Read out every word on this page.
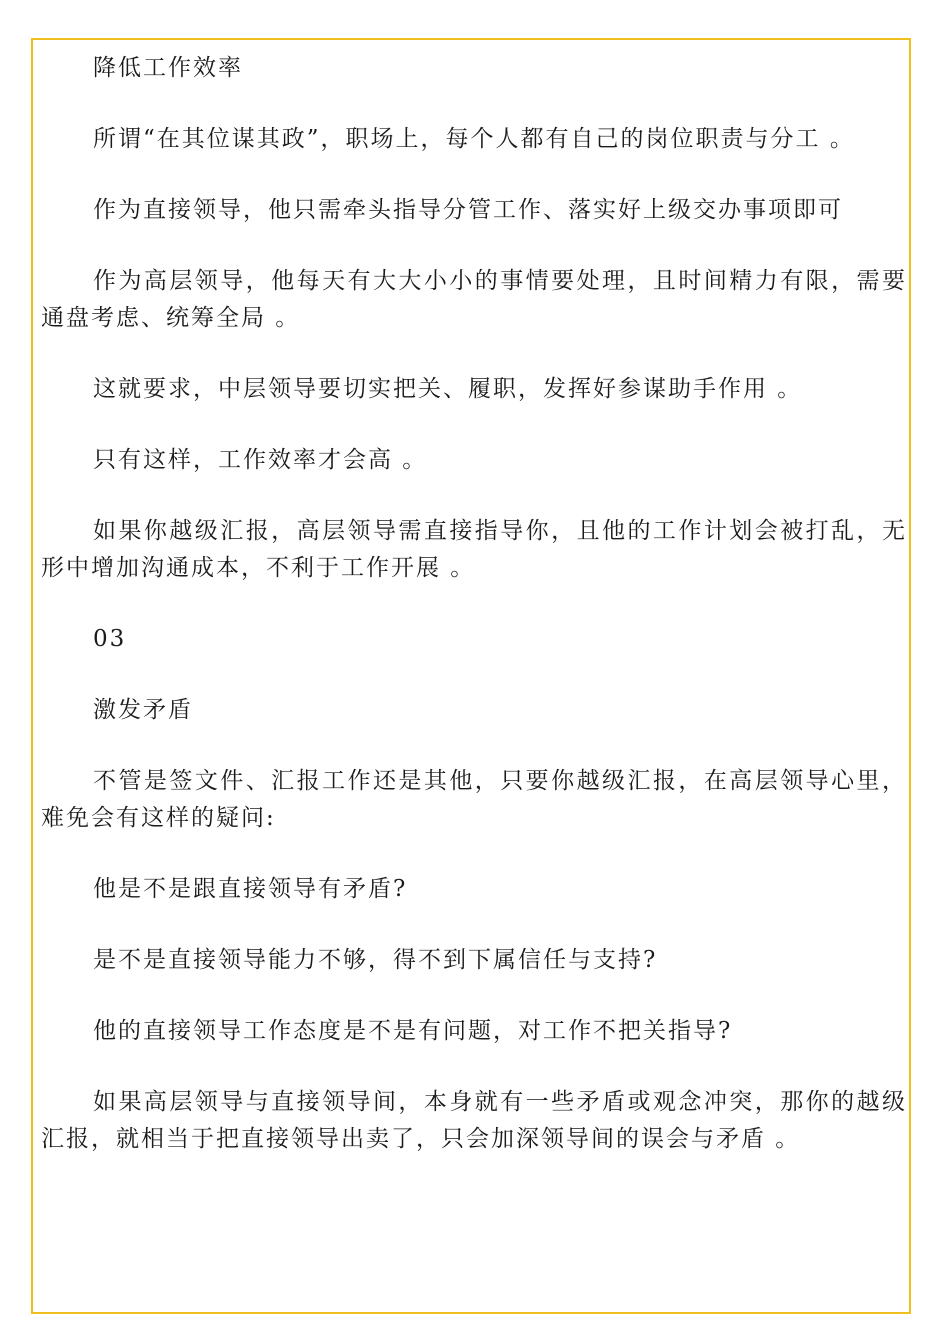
降低工作效率

所谓“在其位谋其政”，职场上，每个人都有自己的岗位职责与分工 。

作为直接领导，他只需牵头指导分管工作、落实好上级交办事项即可

作为高层领导，他每天有大大小小的事情要处理，且时间精力有限，需要通盘考虑、统筹全局 。

这就要求，中层领导要切实把关、履职，发挥好参谋助手作用 。

只有这样，工作效率才会高 。

如果你越级汇报，高层领导需直接指导你，且他的工作计划会被打乱，无形中增加沟通成本，不利于工作开展 。

03

激发矛盾

不管是签文件、汇报工作还是其他，只要你越级汇报，在高层领导心里，难免会有这样的疑问:

他是不是跟直接领导有矛盾?

是不是直接领导能力不够，得不到下属信任与支持?

他的直接领导工作态度是不是有问题，对工作不把关指导?

如果高层领导与直接领导间，本身就有一些矛盾或观念冲突，那你的越级汇报，就相当于把直接领导出卖了，只会加深领导间的误会与矛盾 。
